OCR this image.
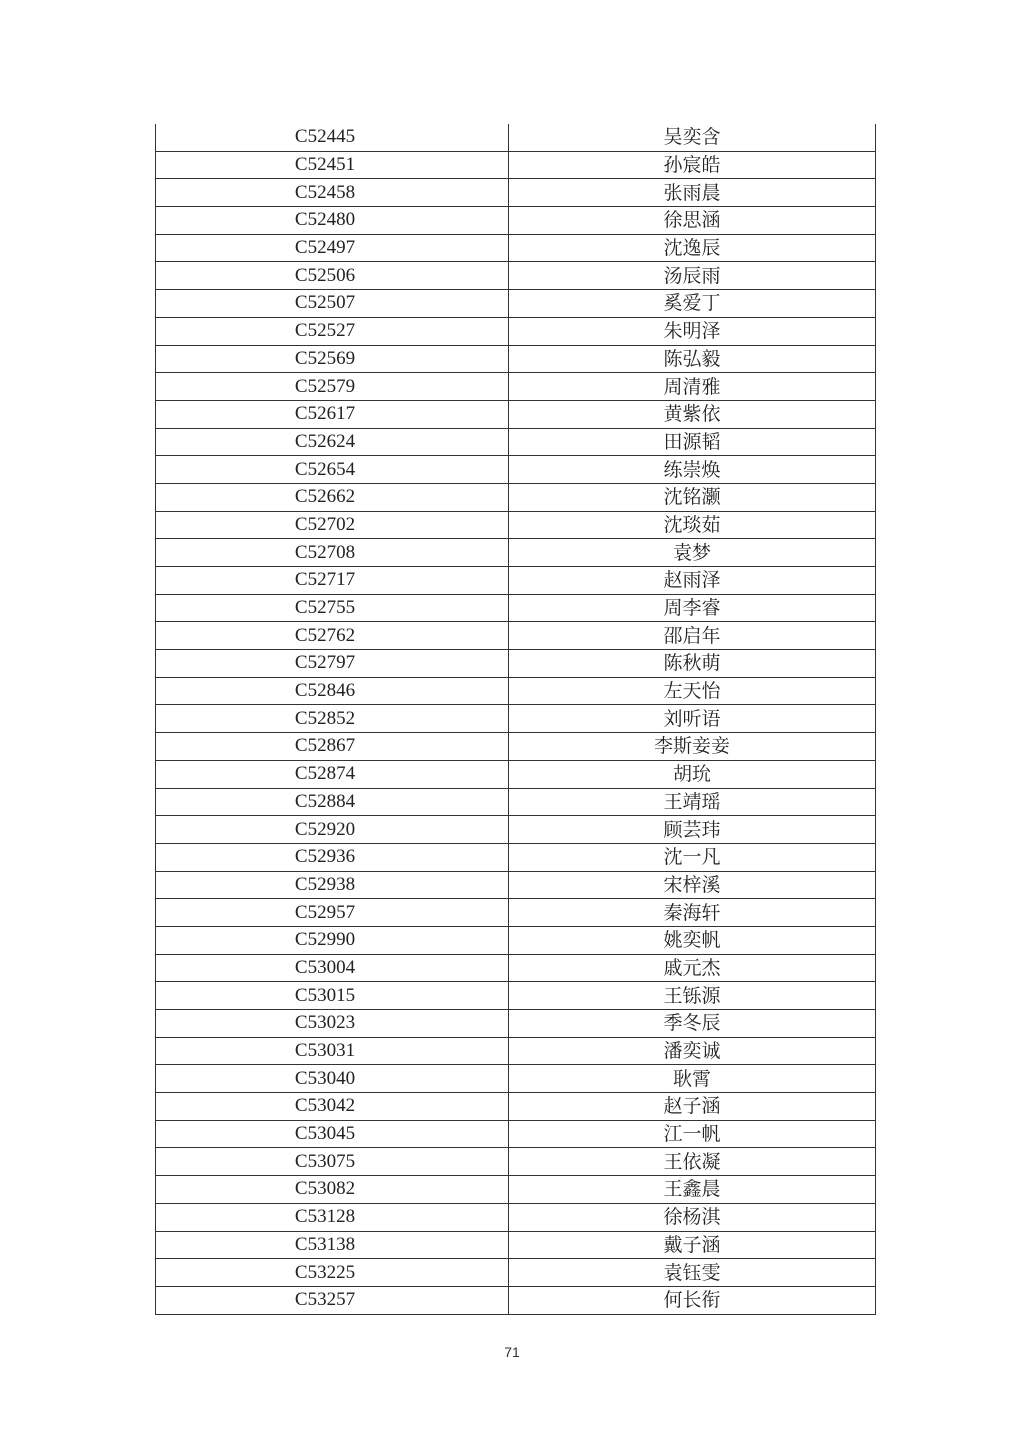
C52445	吴奕含
C52451	孙宸皓
C52458	张雨晨
C52480	徐思涵
C52497	沈逸辰
C52506	汤辰雨
C52507	奚爱丁
C52527	朱明泽
C52569	陈弘毅
C52579	周清雅
C52617	黄紫依
C52624	田源韬
C52654	练崇焕
C52662	沈铭灏
C52702	沈琰茹
C52708	袁梦
C52717	赵雨泽
C52755	周李睿
C52762	邵启年
C52797	陈秋萌
C52846	左天怡
C52852	刘听语
C52867	李斯妾妾
C52874	胡玧
C52884	王靖瑶
C52920	顾芸玮
C52936	沈一凡
C52938	宋梓溪
C52957	秦海轩
C52990	姚奕帆
C53004	戚元杰
C53015	王铄源
C53023	季冬辰
C53031	潘奕诚
C53040	耿霄
C53042	赵子涵
C53045	江一帆
C53075	王依凝
C53082	王鑫晨
C53128	徐杨淇
C53138	戴子涵
C53225	袁钰雯
C53257	何长衔
71
